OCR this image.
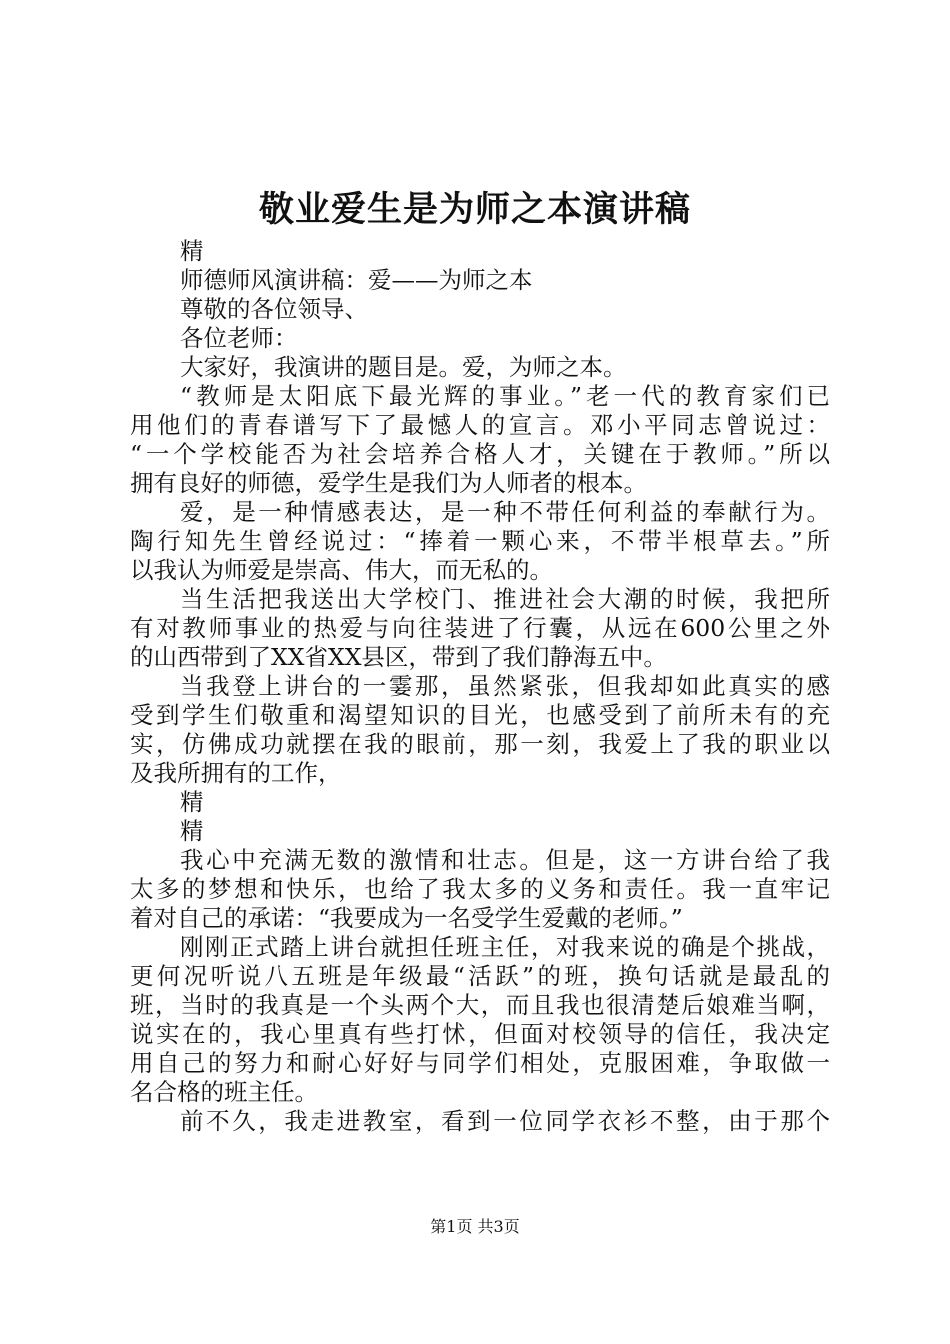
敬业爱生是为师之本演讲稿
精
师德师风演讲稿：爱——为师之本
尊敬的各位领导、
各位老师：
大家好，我演讲的题目是。爱，为师之本。
“教师是太阳底下最光辉的事业。”老一代的教育家们已
用他们的青春谱写下了最憾人的宣言。邓小平同志曾说过：
“一个学校能否为社会培养合格人才，关键在于教师。”所以
拥有良好的师德，爱学生是我们为人师者的根本。
爱，是一种情感表达，是一种不带任何利益的奉献行为。
陶行知先生曾经说过：“捧着一颗心来，不带半根草去。”所
以我认为师爱是崇高、伟大，而无私的。
当生活把我送出大学校门、推进社会大潮的时候，我把所
有对教师事业的热爱与向往装进了行囊，从远在600公里之外
的山西带到了XX省XX县区，带到了我们静海五中。
当我登上讲台的一霎那，虽然紧张，但我却如此真实的感
受到学生们敬重和渴望知识的目光，也感受到了前所未有的充
实，仿佛成功就摆在我的眼前，那一刻，我爱上了我的职业以
及我所拥有的工作，
精
精
我心中充满无数的激情和壮志。但是，这一方讲台给了我
太多的梦想和快乐，也给了我太多的义务和责任。我一直牢记
着对自己的承诺：“我要成为一名受学生爱戴的老师。”
刚刚正式踏上讲台就担任班主任，对我来说的确是个挑战，
更何况听说八五班是年级最“活跃”的班，换句话就是最乱的
班，当时的我真是一个头两个大，而且我也很清楚后娘难当啊，
说实在的，我心里真有些打怵，但面对校领导的信任，我决定
用自己的努力和耐心好好与同学们相处，克服困难，争取做一
名合格的班主任。
前不久，我走进教室，看到一位同学衣衫不整，由于那个
第1页 共3页
